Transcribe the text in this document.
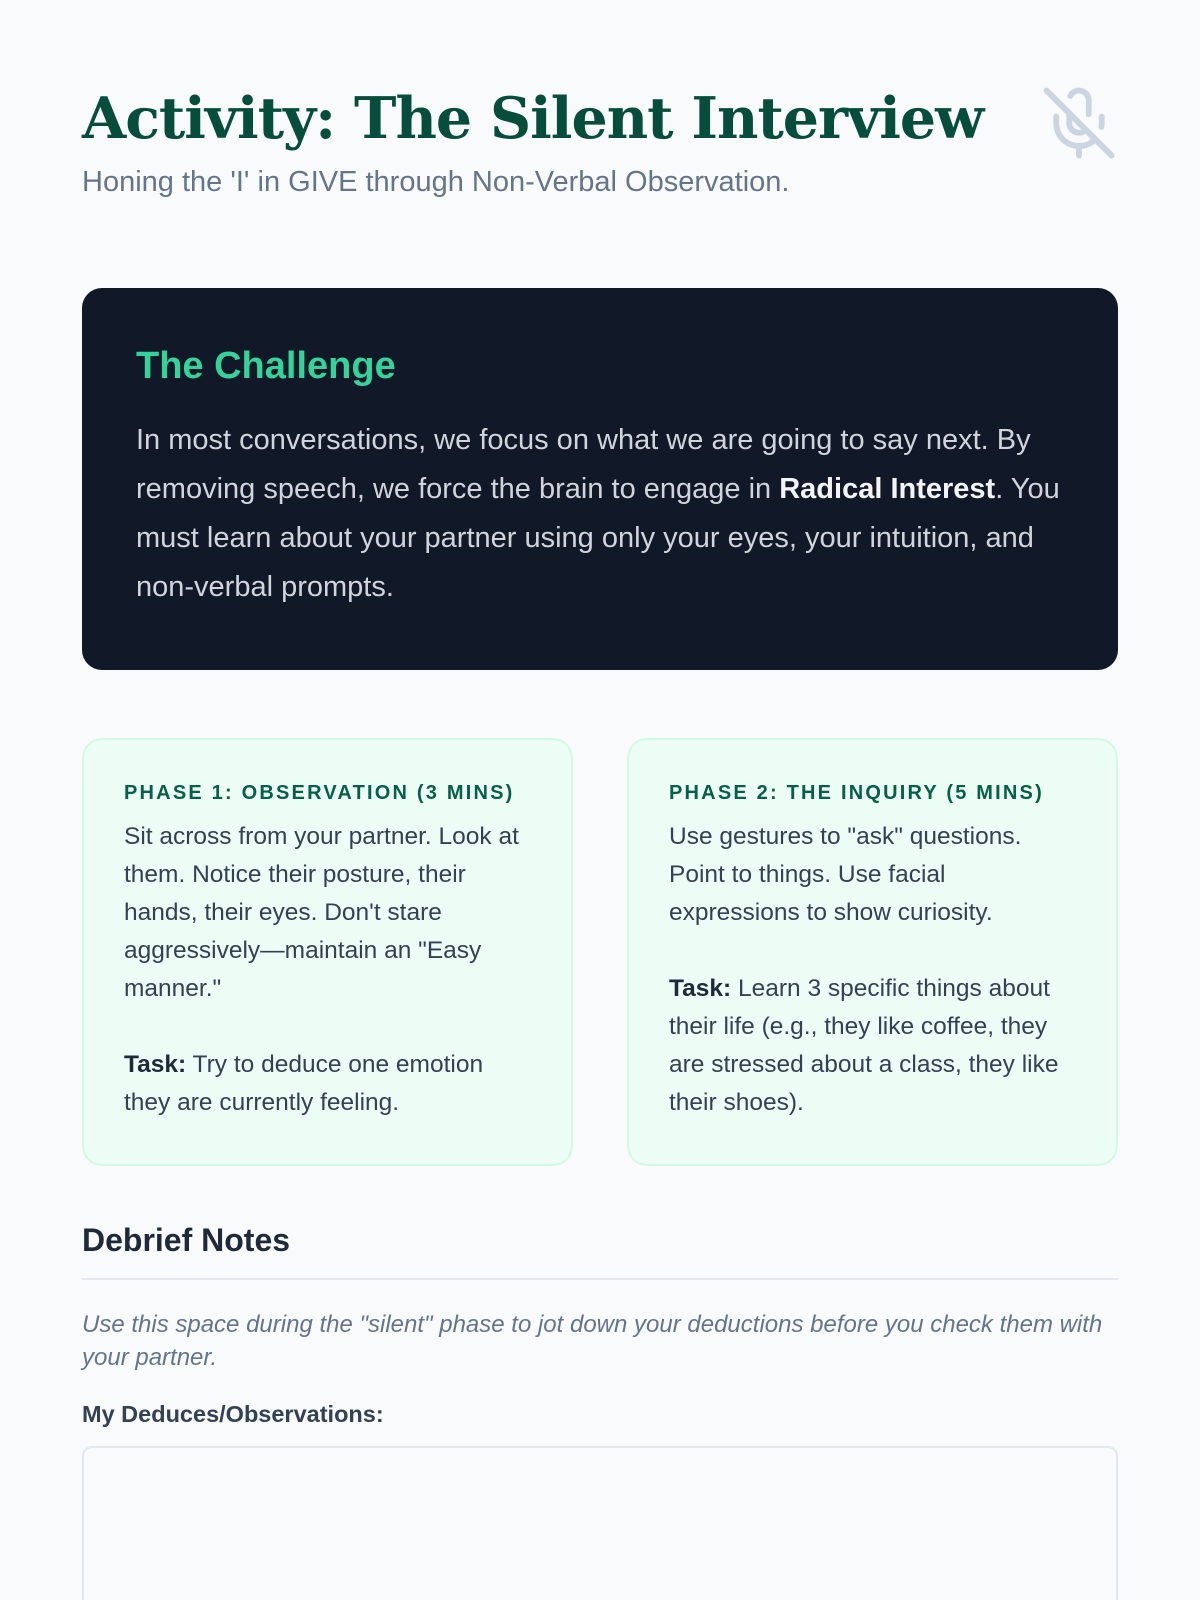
Activity: The Silent Interview
Honing the 'I' in GIVE through Non-Verbal Observation.
The Challenge

In most conversations, we focus on what we are going to say next. By removing speech, we force the brain to engage in Radical Interest. You must learn about your partner using only your eyes, your intuition, and non-verbal prompts.

PHASE 1: OBSERVATION (3 MINS)

Sit across from your partner. Look at them. Notice their posture, their hands, their eyes. Don't stare aggressively—maintain an "Easy manner."

Task: Try to deduce one emotion they are currently feeling.

PHASE 2: THE INQUIRY (5 MINS)

Use gestures to "ask" questions. Point to things. Use facial expressions to show curiosity.

Task: Learn 3 specific things about their life (e.g., they like coffee, they are stressed about a class, they like their shoes).

Debrief Notes

Use this space during the "silent" phase to jot down your deductions before you check them with your partner.

My Deduces/Observations:
